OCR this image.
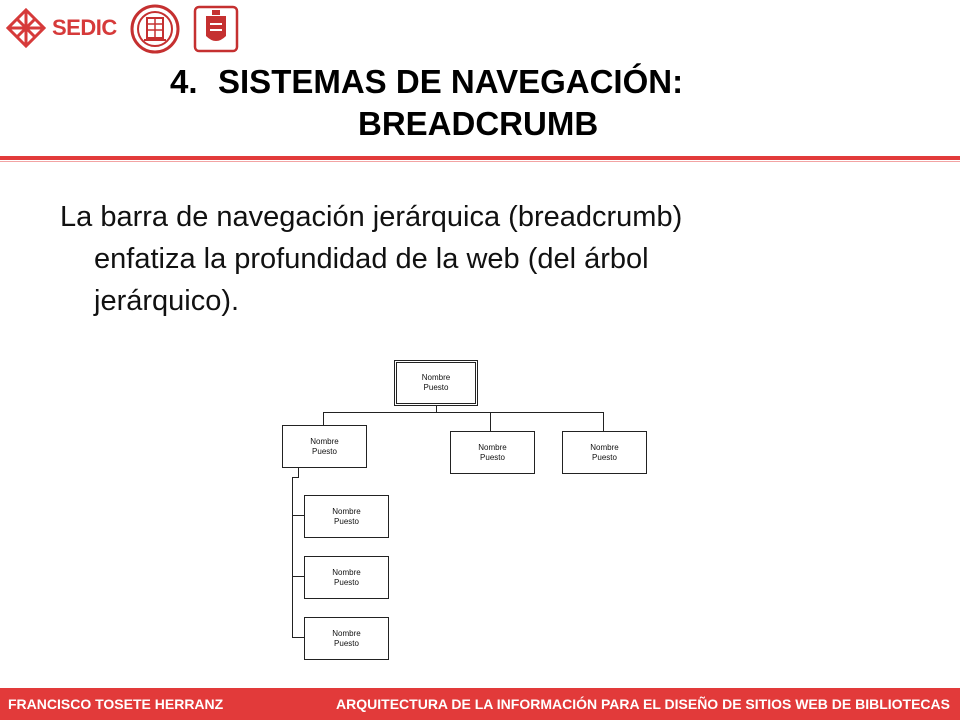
SEDIC
4. SISTEMAS DE NAVEGACIÓN:
BREADCRUMB
La barra de navegación jerárquica (breadcrumb)
enfatiza la profundidad de la web (del árbol
jerárquico).
Nombre
Puesto
Nombre
Puesto	Nombre
Puesto
Nombre
Puesto
Nombre
Puesto
Nombre
Puesto
Nombre
Puesto
FRANCISCO TOSETE HERRANZ	ARQUITECTURA DE LA INFORMACIÓN PARA EL DISEÑO DE SITIOS WEB DE BIBLIOTECAS
